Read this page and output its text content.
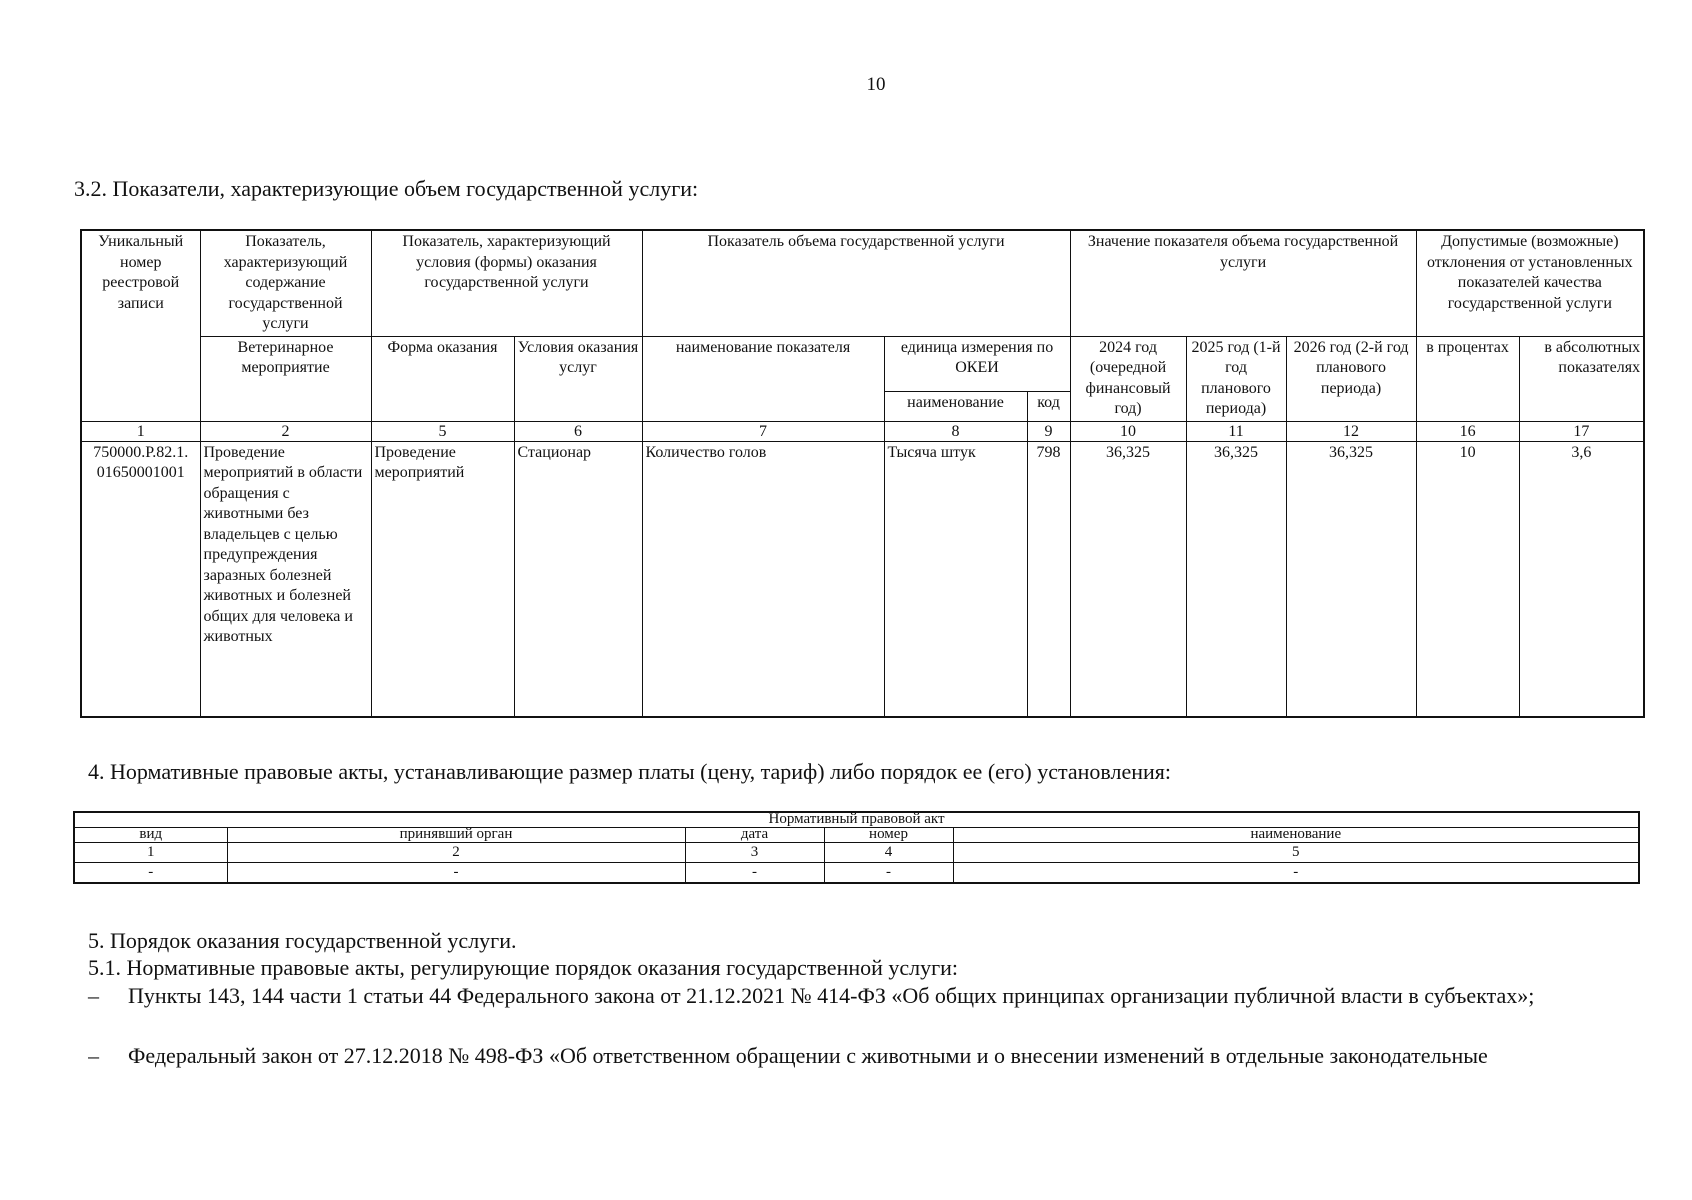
10
3.2. Показатели, характеризующие объем государственной услуги:
Уникальный номер реестровой записи	Показатель, характеризующий содержание государственной услуги	Показатель, характеризующий условия (формы) оказания государственной услуги		Показатель объема государственной услуги			Значение показателя объема государственной услуги			Допустимые (возможные) отклонения от установленных показателей качества государственной услуги	
	Ветеринарное мероприятие	Форма оказания	Условия оказания услуг	наименование показателя	единица измерения по ОКЕИ		2024 год (очередной финансовый год)	2025 год (1-й год планового периода)	2026 год (2-й год планового периода)	в процентах	в абсолютных показателях
					наименование	код					
1	2	5	6	7	8	9	10	11	12	16	17
750000.Р.82.1. 01650001001	Проведение мероприятий в области обращения с животными без владельцев с целью предупреждения заразных болезней животных и болезней общих для человека и животных	Проведение мероприятий	Стационар	Количество голов	Тысяча штук	798	36,325	36,325	36,325	10	3,6
4. Нормативные правовые акты, устанавливающие размер платы (цену, тариф) либо порядок ее (его) установления:
Нормативный правовой акт				
вид	принявший орган	дата	номер	наименование
1	2	3	4	5
-	-	-	-	-
5. Порядок оказания государственной услуги.
5.1. Нормативные правовые акты, регулирующие порядок оказания государственной услуги:
– Пункты 143, 144 части 1 статьи 44 Федерального закона от 21.12.2021 № 414-ФЗ «Об общих принципах организации публичной власти в субъектах»;
– Федеральный закон от 27.12.2018 № 498-ФЗ «Об ответственном обращении с животными и о внесении изменений в отдельные законодательные
